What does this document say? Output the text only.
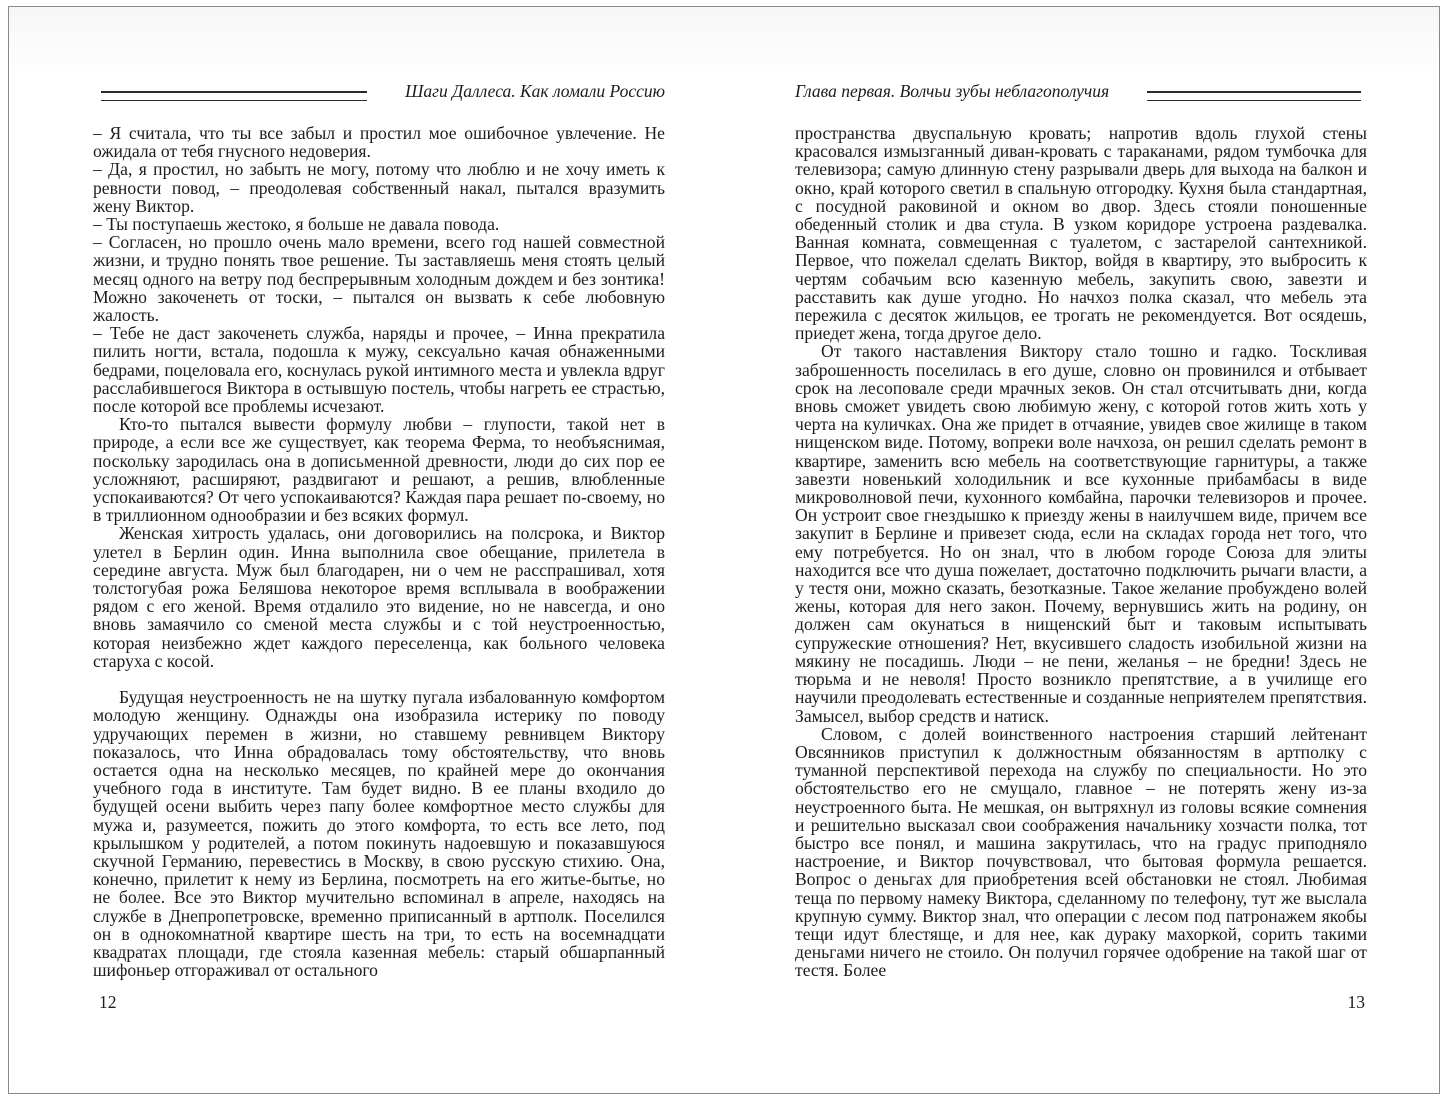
Шаги Даллеса. Как ломали Россию

– Я считала, что ты все забыл и простил мое ошибочное увлечение. Не ожидала от тебя гнусного недоверия.

– Да, я простил, но забыть не могу, потому что люблю и не хочу иметь к ревности повод, – преодолевая собственный накал, пытался вразумить жену Виктор.

– Ты поступаешь жестоко, я больше не давала повода.

– Согласен, но прошло очень мало времени, всего год нашей совместной жизни, и трудно понять твое решение. Ты заставляешь меня стоять целый месяц одного на ветру под беспрерывным холодным дождем и без зонтика! Можно закоченеть от тоски, – пытался он вызвать к себе любовную жалость.

– Тебе не даст закоченеть служба, наряды и прочее, – Инна прекратила пилить ногти, встала, подошла к мужу, сексуально качая обнаженными бедрами, поцеловала его, коснулась рукой интимного места и увлекла вдруг расслабившегося Виктора в остывшую постель, чтобы нагреть ее страстью, после которой все проблемы исчезают.

Кто-то пытался вывести формулу любви – глупости, такой нет в природе, а если все же существует, как теорема Ферма, то необъяснимая, поскольку зародилась она в дописьменной древности, люди до сих пор ее усложняют, расширяют, раздвигают и решают, а решив, влюбленные успокаиваются? От чего успокаиваются? Каждая пара решает по-своему, но в триллионном однообразии и без всяких формул.

Женская хитрость удалась, они договорились на полсрока, и Виктор улетел в Берлин один. Инна выполнила свое обещание, прилетела в середине августа. Муж был благодарен, ни о чем не расспрашивал, хотя толстогубая рожа Беляшова некоторое время всплывала в воображении рядом с его женой. Время отдалило это видение, но не навсегда, и оно вновь замаячило со сменой места службы и с той неустроенностью, которая неизбежно ждет каждого переселенца, как больного человека старуха с косой.

Будущая неустроенность не на шутку пугала избалованную комфортом молодую женщину. Однажды она изобразила истерику по поводу удручающих перемен в жизни, но ставшему ревнивцем Виктору показалось, что Инна обрадовалась тому обстоятельству, что вновь остается одна на несколько месяцев, по крайней мере до окончания учебного года в институте. Там будет видно. В ее планы входило до будущей осени выбить через папу более комфортное место службы для мужа и, разумеется, пожить до этого комфорта, то есть все лето, под крылышком у родителей, а потом покинуть надоевшую и показавшуюся скучной Германию, перевестись в Москву, в свою русскую стихию. Она, конечно, прилетит к нему из Берлина, посмотреть на его житье-бытье, но не более. Все это Виктор мучительно вспоминал в апреле, находясь на службе в Днепропетровске, временно приписанный в артполк. Поселился он в однокомнатной квартире шесть на три, то есть на восемнадцати квадратах площади, где стояла казенная мебель: старый обшарпанный шифоньер отгораживал от остального

12
Глава первая. Волчьи зубы неблагополучия

пространства двуспальную кровать; напротив вдоль глухой стены красовался измызганный диван-кровать с тараканами, рядом тумбочка для телевизора; самую длинную стену разрывали дверь для выхода на балкон и окно, край которого светил в спальную отгородку. Кухня была стандартная, с посудной раковиной и окном во двор. Здесь стояли поношенные обеденный столик и два стула. В узком коридоре устроена раздевалка. Ванная комната, совмещенная с туалетом, с застарелой сантехникой. Первое, что пожелал сделать Виктор, войдя в квартиру, это выбросить к чертям собачьим всю казенную мебель, закупить свою, завезти и расставить как душе угодно. Но начхоз полка сказал, что мебель эта пережила с десяток жильцов, ее трогать не рекомендуется. Вот осядешь, приедет жена, тогда другое дело.

От такого наставления Виктору стало тошно и гадко. Тоскливая заброшенность поселилась в его душе, словно он провинился и отбывает срок на лесоповале среди мрачных зеков. Он стал отсчитывать дни, когда вновь сможет увидеть свою любимую жену, с которой готов жить хоть у черта на куличках. Она же придет в отчаяние, увидев свое жилище в таком нищенском виде. Потому, вопреки воле начхоза, он решил сделать ремонт в квартире, заменить всю мебель на соответствующие гарнитуры, а также завезти новенький холодильник и все кухонные прибамбасы в виде микроволновой печи, кухонного комбайна, парочки телевизоров и прочее. Он устроит свое гнездышко к приезду жены в наилучшем виде, причем все закупит в Берлине и привезет сюда, если на складах города нет того, что ему потребуется. Но он знал, что в любом городе Союза для элиты находится все что душа пожелает, достаточно подключить рычаги власти, а у тестя они, можно сказать, безотказные. Такое желание пробуждено волей жены, которая для него закон. Почему, вернувшись жить на родину, он должен сам окунаться в нищенский быт и таковым испытывать супружеские отношения? Нет, вкусившего сладость изобильной жизни на мякину не посадишь. Люди – не пени, желанья – не бредни! Здесь не тюрьма и не неволя! Просто возникло препятствие, а в училище его научили преодолевать естественные и созданные неприятелем препятствия. Замысел, выбор средств и натиск.

Словом, с долей воинственного настроения старший лейтенант Овсянников приступил к должностным обязанностям в артполку с туманной перспективой перехода на службу по специальности. Но это обстоятельство его не смущало, главное – не потерять жену из-за неустроенного быта. Не мешкая, он вытряхнул из головы всякие сомнения и решительно высказал свои соображения начальнику хозчасти полка, тот быстро все понял, и машина закрутилась, что на градус приподняло настроение, и Виктор почувствовал, что бытовая формула решается. Вопрос о деньгах для приобретения всей обстановки не стоял. Любимая теща по первому намеку Виктора, сделанному по телефону, тут же выслала крупную сумму. Виктор знал, что операции с лесом под патронажем якобы тещи идут блестяще, и для нее, как дураку махоркой, сорить такими деньгами ничего не стоило. Он получил горячее одобрение на такой шаг от тестя. Более

13
